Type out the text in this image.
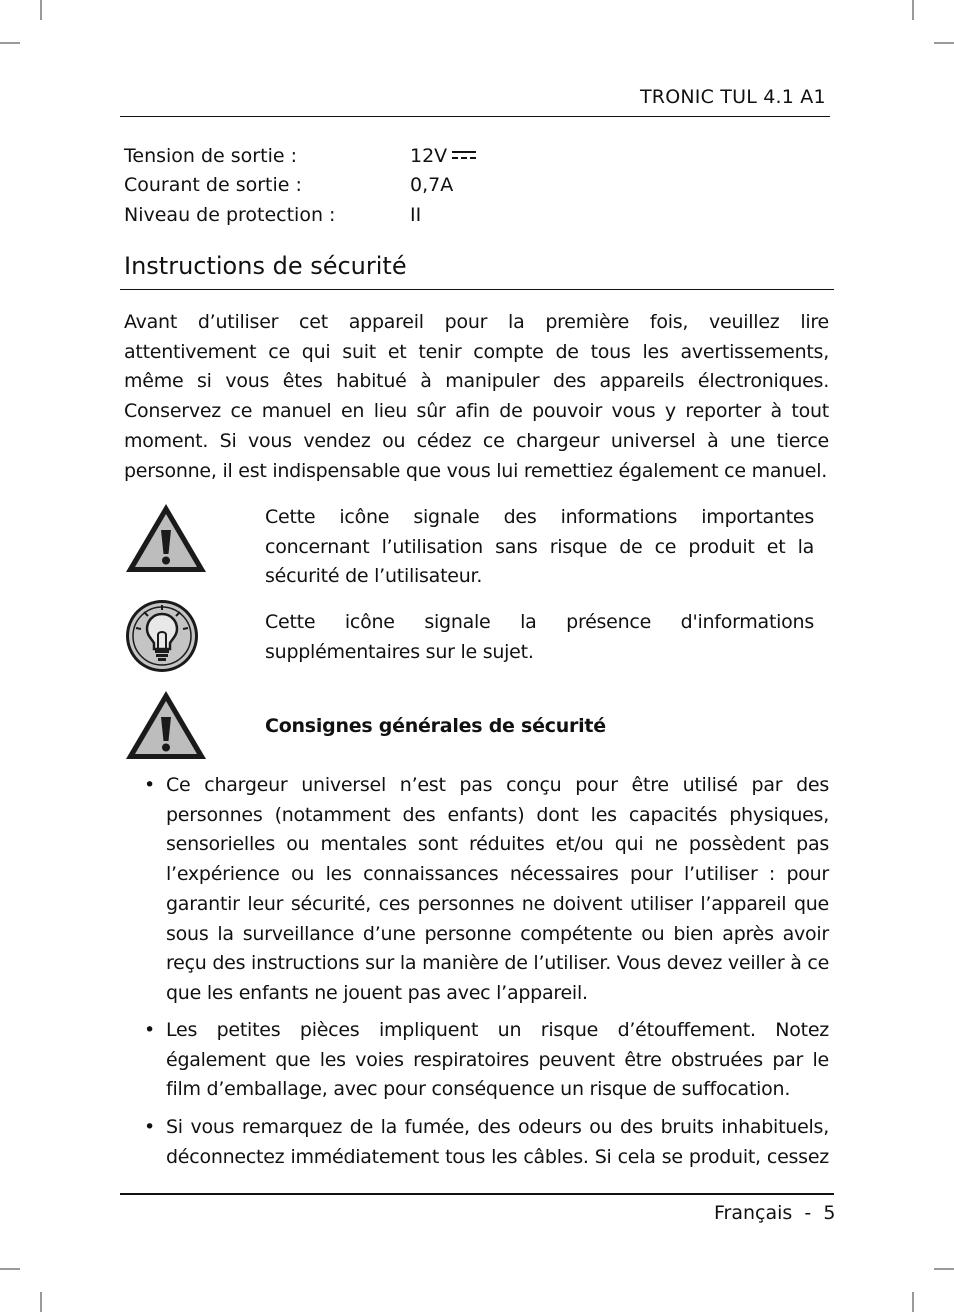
TRONIC TUL 4.1 A1
Tension de sortie :	12V
Courant de sortie :	0,7A
Niveau de protection :	II
Instructions de sécurité
Avant d’utiliser cet appareil pour la première fois, veuillez lire attentivement ce qui suit et tenir compte de tous les avertissements, même si vous êtes habitué à manipuler des appareils électroniques. Conservez ce manuel en lieu sûr afin de pouvoir vous y reporter à tout moment. Si vous vendez ou cédez ce chargeur universel à une tierce personne, il est indispensable que vous lui remettiez également ce manuel.
Cette icône signale des informations importantes concernant l’utilisation sans risque de ce produit et la sécurité de l’utilisateur.
Cette icône signale la présence d'informations supplémentaires sur le sujet.
Consignes générales de sécurité
• Ce chargeur universel n’est pas conçu pour être utilisé par des personnes (notamment des enfants) dont les capacités physiques, sensorielles ou mentales sont réduites et/ou qui ne possèdent pas l’expérience ou les connaissances nécessaires pour l’utiliser : pour garantir leur sécurité, ces personnes ne doivent utiliser l’appareil que sous la surveillance d’une personne compétente ou bien après avoir reçu des instructions sur la manière de l’utiliser. Vous devez veiller à ce que les enfants ne jouent pas avec l’appareil.
• Les petites pièces impliquent un risque d’étouffement. Notez également que les voies respiratoires peuvent être obstruées par le film d’emballage, avec pour conséquence un risque de suffocation.
• Si vous remarquez de la fumée, des odeurs ou des bruits inhabituels, déconnectez immédiatement tous les câbles. Si cela se produit, cessez
Français  -  5
